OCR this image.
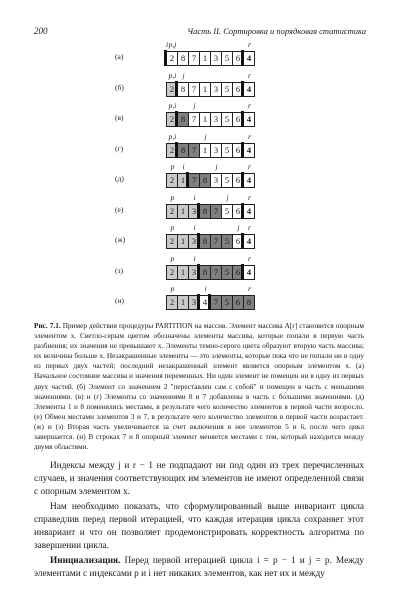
200	Часть II. Сортировка и порядковая статистика
(а)	2 8 7 1 3 5 6 4
i p,j	r
(б)	2 8 7 1 3 5 6 4
p,i j	r
(в)	2 8 7 1 3 5 6 4
p,i j	r
(г)	2 8 7 1 3 5 6 4
p,i	j	r
(д)	2 1 7 8 3 5 6 4
p i	j	r
(е)	2 1 3 8 7 5 6 4
p	i	j	r
(ж)	2 1 3 8 7 5 6 4
p	i	j r
(з)	2 1 3 8 7 5 6 4
p	i	r
(и)	2 1 3 4 7 5 6 8
p	i	r
Рис. 7.1. Пример действия процедуры PARTITION на массив. Элемент массива A[r] становится опорным элементом x. Светло-серым цветом обозначены элементы массива, которые попали в первую часть разбиения; их значения не превышают x. Элементы темно-серого цвета образуют вторую часть массива; их величина больше x. Незакрашенные элементы — это элементы, которые пока что не попали ни в одну из первых двух частей; последний незакрашенный элемент является опорным элементом x. (а) Начальное состояние массива и значения переменных. Ни один элемент не помещен ни в одну из первых двух частей. (б) Элемент со значением 2 "переставлен сам с собой" и помещен в часть с меньшими значениями. (в) и (г) Элементы со значениями 8 и 7 добавлены в часть с бо́льшими значениями. (д) Элементы 1 и 8 поменялись местами, в результате чего количество элементов в первой части возросло. (е) Обмен местами элементов 3 и 7, в результате чего количество элементов в первой части возрастает. (ж) и (з) Вторая часть увеличивается за счет включения в нее элементов 5 и 6, после чего цикл завершается. (и) В строках 7 и 8 опорный элемент меняется местами с тем, который находится между двумя областями.

Индексы между j и r − 1 не подпадают ни под один из трех перечисленных случаев, и значения соответствующих им элементов не имеют определенной связи с опорным элементом x.

Нам необходимо показать, что сформулированный выше инвариант цикла справедлив перед первой итерацией, что каждая итерация цикла сохраняет этот инвариант и что он позволяет продемонстрировать корректность алгоритма по завершении цикла.

Инициализация. Перед первой итерацией цикла i = p − 1 и j = p. Между элементами с индексами p и i нет никаких элементов, как нет их и между
